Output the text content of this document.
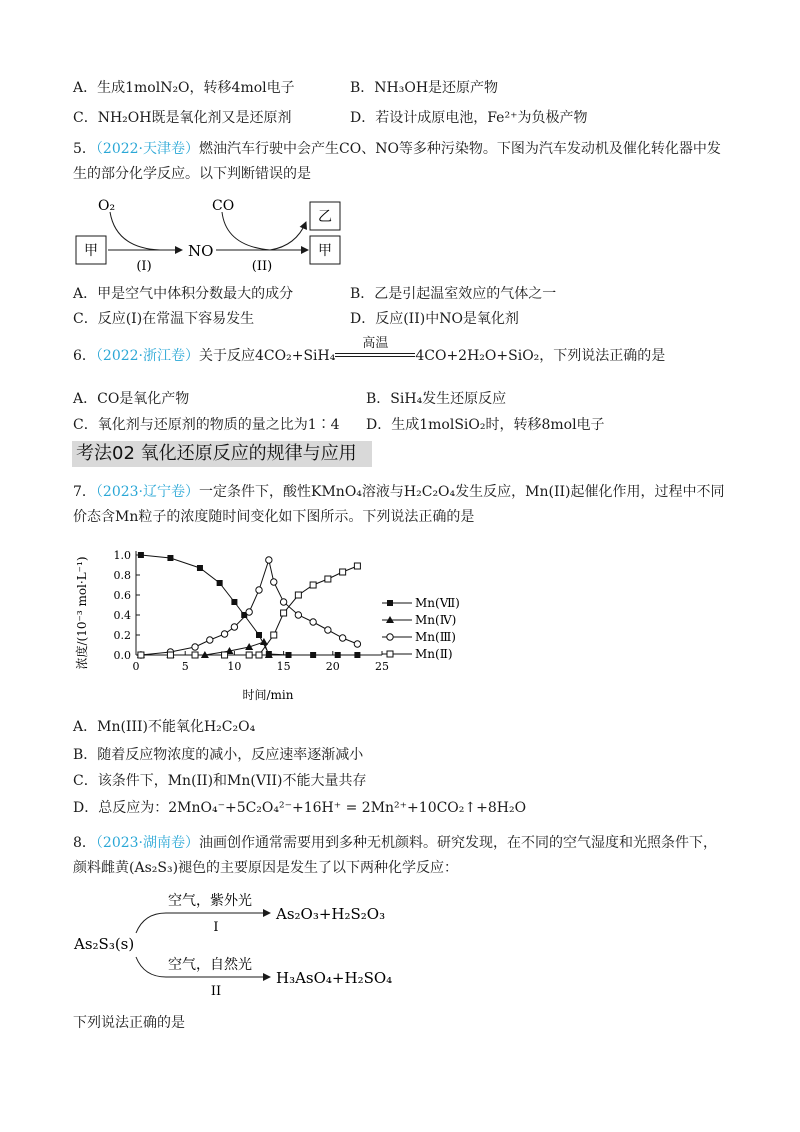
A．生成1molN₂O，转移4mol电子	B．NH₃OH是还原产物
C．NH₂OH既是氧化剂又是还原剂	D．若设计成原电池，Fe²⁺为负极产物
5．（2022·天津卷）燃油汽车行驶中会产生CO、NO等多种污染物。下图为汽车发动机及催化转化器中发
生的部分化学反应。以下判断错误的是
甲
O₂
(I)
NO
CO
(II)
乙
甲
A．甲是空气中体积分数最大的成分	B．乙是引起温室效应的气体之一
C．反应(I)在常温下容易发生	D．反应(II)中NO是氧化剂
6．（2022·浙江卷）关于反应4CO₂+SiH₄
高温
4CO+2H₂O+SiO₂，下列说法正确的是
A．CO是氧化产物	B．SiH₄发生还原反应
C．氧化剂与还原剂的物质的量之比为1∶4 D．生成1molSiO₂时，转移8mol电子
考法02 氧化还原反应的规律与应用
7．（2023·辽宁卷）一定条件下，酸性KMnO₄溶液与H₂C₂O₄发生反应，Mn(II)起催化作用，过程中不同
价态含Mn粒子的浓度随时间变化如下图所示。下列说法正确的是
0	5	10	15	20	25
0.0
0.2
0.4
0.6
0.8
1.0
Mn(Ⅶ)
Mn(Ⅳ)
Mn(Ⅲ)
Mn(Ⅱ)
浓度/(10⁻³ mol·L⁻¹)
时间/min
A．Mn(III)不能氧化H₂C₂O₄
B．随着反应物浓度的减小，反应速率逐渐减小
C．该条件下，Mn(II)和Mn(VII)不能大量共存
D．总反应为：2MnO₄⁻+5C₂O₄²⁻+16H⁺ = 2Mn²⁺+10CO₂↑+8H₂O
8．（2023·湖南卷）油画创作通常需要用到多种无机颜料。研究发现，在不同的空气湿度和光照条件下，
颜料雌黄(As₂S₃)褪色的主要原因是发生了以下两种化学反应：
As₂S₃(s)
空气，紫外光
I
As₂O₃+H₂S₂O₃
空气，自然光
II
H₃AsO₄+H₂SO₄
下列说法正确的是
